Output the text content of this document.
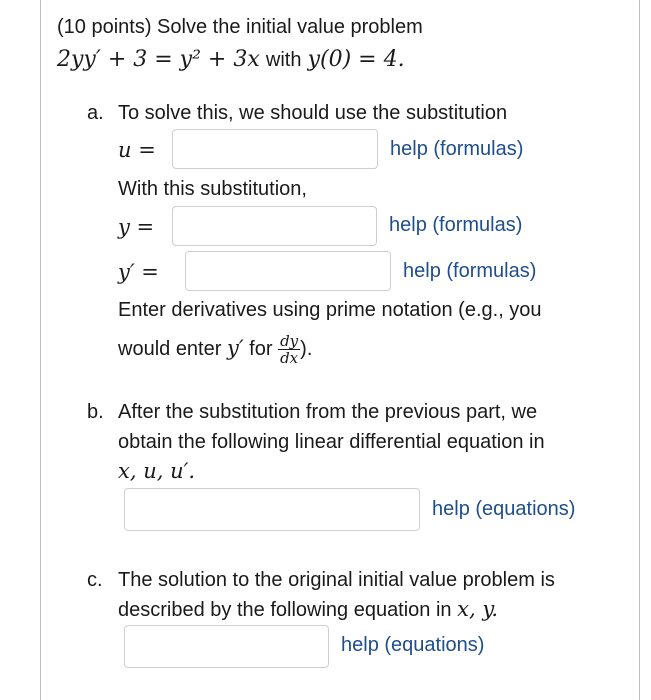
(10 points) Solve the initial value problem
2yy′ + 3 = y² + 3x with y(0) = 4.
a. To solve this, we should use the substitution
u =	help (formulas)
With this substitution,
y =	help (formulas)
y′ =	help (formulas)
Enter derivatives using prime notation (e.g., you
would enter y′ for $\frac{dy}{dx}$ ).
b. After the substitution from the previous part, we
obtain the following linear differential equation in
x, u, u′.
help (equations)
c. The solution to the original initial value problem is
described by the following equation in x, y.
help (equations)
